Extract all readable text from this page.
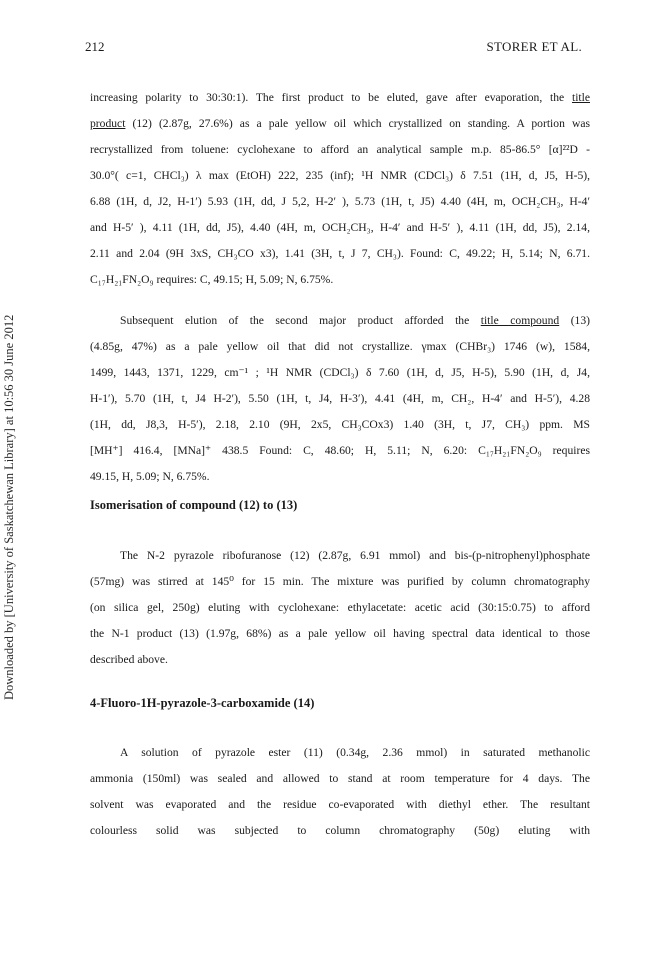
212	STORER ET AL.
Downloaded by [University of Saskatchewan Library] at 10:56 30 June 2012
increasing polarity to 30:30:1). The first product to be eluted, gave after evaporation, the title
product (12) (2.87g, 27.6%) as a pale yellow oil which crystallized on standing. A portion was
recrystallized from toluene: cyclohexane to afford an analytical sample m.p. 85-86.5° [α]²²D -
30.0°( c=1, CHCl₃) λ max (EtOH) 222, 235 (inf); ¹H NMR (CDCl₃) δ 7.51 (1H, d, J5, H-5),
6.88 (1H, d, J2, H-1′) 5.93 (1H, dd, J 5,2, H-2′ ), 5.73 (1H, t, J5) 4.40 (4H, m, OCH₂CH₃, H-4′
and H-5′ ), 4.11 (1H, dd, J5), 4.40 (4H, m, OCH₂CH₃, H-4′ and H-5′ ), 4.11 (1H, dd, J5), 2.14,
2.11 and 2.04 (9H 3xS, CH₃CO x3), 1.41 (3H, t, J 7, CH₃). Found: C, 49.22; H, 5.14; N, 6.71.
C₁₇H₂₁FN₂O₉ requires: C, 49.15; H, 5.09; N, 6.75%.
Subsequent elution of the second major product afforded the title compound (13)
(4.85g, 47%) as a pale yellow oil that did not crystallize. γmax (CHBr₃) 1746 (w), 1584,
1499, 1443, 1371, 1229, cm⁻¹ ; ¹H NMR (CDCl₃) δ 7.60 (1H, d, J5, H-5), 5.90 (1H, d, J4,
H-1′), 5.70 (1H, t, J4 H-2′), 5.50 (1H, t, J4, H-3′), 4.41 (4H, m, CH₂, H-4′ and H-5′), 4.28
(1H, dd, J8,3, H-5′), 2.18, 2.10 (9H, 2x5, CH₃COx3) 1.40 (3H, t, J7, CH₃) ppm. MS
[MH⁺] 416.4, [MNa]⁺ 438.5 Found: C, 48.60; H, 5.11; N, 6.20: C₁₇H₂₁FN₂O₉ requires
49.15, H, 5.09; N, 6.75%.
Isomerisation of compound (12) to (13)
The N-2 pyrazole ribofuranose (12) (2.87g, 6.91 mmol) and bis-(p-nitrophenyl)phosphate
(57mg) was stirred at 145⁰ for 15 min. The mixture was purified by column chromatography
(on silica gel, 250g) eluting with cyclohexane: ethylacetate: acetic acid (30:15:0.75) to afford
the N-1 product (13) (1.97g, 68%) as a pale yellow oil having spectral data identical to those
described above.
4-Fluoro-1H-pyrazole-3-carboxamide (14)
A solution of pyrazole ester (11) (0.34g, 2.36 mmol) in saturated methanolic
ammonia (150ml) was sealed and allowed to stand at room temperature for 4 days. The
solvent was evaporated and the residue co-evaporated with diethyl ether. The resultant
colourless solid was subjected to column chromatography (50g) eluting with
